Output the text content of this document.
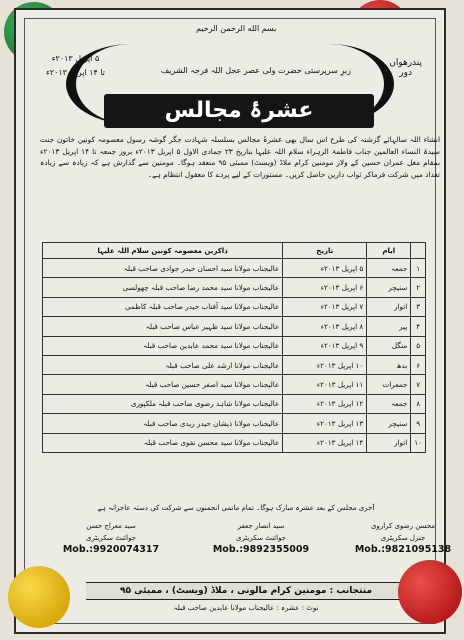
بسم الله الرحمن الرحیم
۵ اپریل ۲۰۱۳ء
تا ۱۴ اپریل ۲۰۱۳ء
پندرھواں
دور
زیرِ سرپرستی حضرت ولی عصر عجل اللہ فرجہ الشریف
عشرۂ مجالس
انشاء اللہ سالہائے گزشتہ کی طرح اس سال بھی عشرۂ مجالس بسلسلہ شہادت جگر گوشہ رسول معصومہ کونین خاتون جنت سیدۃ النساء العالمین جناب فاطمۃ الزہراء سلام اللہ علیہا بتاریخ ۲۳ جمادی الاول ۵ اپریل ۲۰۱۳ء بروز جمعہ تا ۱۴ اپریل ۲۰۱۳ء بمقام مغل عمران حسین کے ولاز مومنین کرام ملاڈ (ویسٹ) ممبئی ۹۵ منعقد ہوگا۔ مومنین سے گذارش ہے کہ زیادہ سے زیادہ تعداد میں شرکت فرماکر ثواب دارین حاصل کریں۔ مستورات کے لیے پردے کا معقول انتظام ہے۔
	ایام	تاریخ	ذاکرین معصومہ کونین سلام اللہ علیہا
۱	جمعہ	۵ اپریل ۲۰۱۳ء	عالیجناب مولانا سید احسان حیدر جوادی صاحب قبلہ
۲	سنیچر	۶ اپریل ۲۰۱۳ء	عالیجناب مولانا سید محمد رضا صاحب قبلہ چھولسی
۳	اتوار	۷ اپریل ۲۰۱۳ء	عالیجناب مولانا سید آفتاب حیدر صاحب قبلہ کاظمی
۴	پیر	۸ اپریل ۲۰۱۳ء	عالیجناب مولانا سید ظہیر عباس صاحب قبلہ
۵	منگل	۹ اپریل ۲۰۱۳ء	عالیجناب مولانا سید محمد عابدین صاحب قبلہ
۶	بدھ	۱۰ اپریل ۲۰۱۳ء	عالیجناب مولانا ارشد علی صاحب قبلہ
۷	جمعرات	۱۱ اپریل ۲۰۱۳ء	عالیجناب مولانا سید اصغر حسین صاحب قبلہ
۸	جمعہ	۱۲ اپریل ۲۰۱۳ء	عالیجناب مولانا شاہد رضوی صاحب قبلہ ملکپوری
۹	سنیچر	۱۳ اپریل ۲۰۱۳ء	عالیجناب مولانا ذیشان حیدر زیدی صاحب قبلہ
۱۰	اتوار	۱۴ اپریل ۲۰۱۳ء	عالیجناب مولانا سید محسن نقوی صاحب قبلہ
آخری مجلس کے بعد عشرہ مبارک ہوگا۔ تمام ماتمی انجمنوں سے شرکت کی دستہ عاجزانہ ہے
محسن رضوی کراروی
جنرل سکریٹری
Mob.:9821095138
سید انصار جعفر
جوائنٹ سکریٹری
Mob.:9892355009
سید معراج حسن
جوائنٹ سکریٹری
Mob.:9920074317
منتجانب : مومنین کرام مالونی ، ملاڈ (ویسٹ) ، ممبئی ۹۵
نوٹ : عشرہ : عالیجناب مولانا عابدین صاحب قبلہ
